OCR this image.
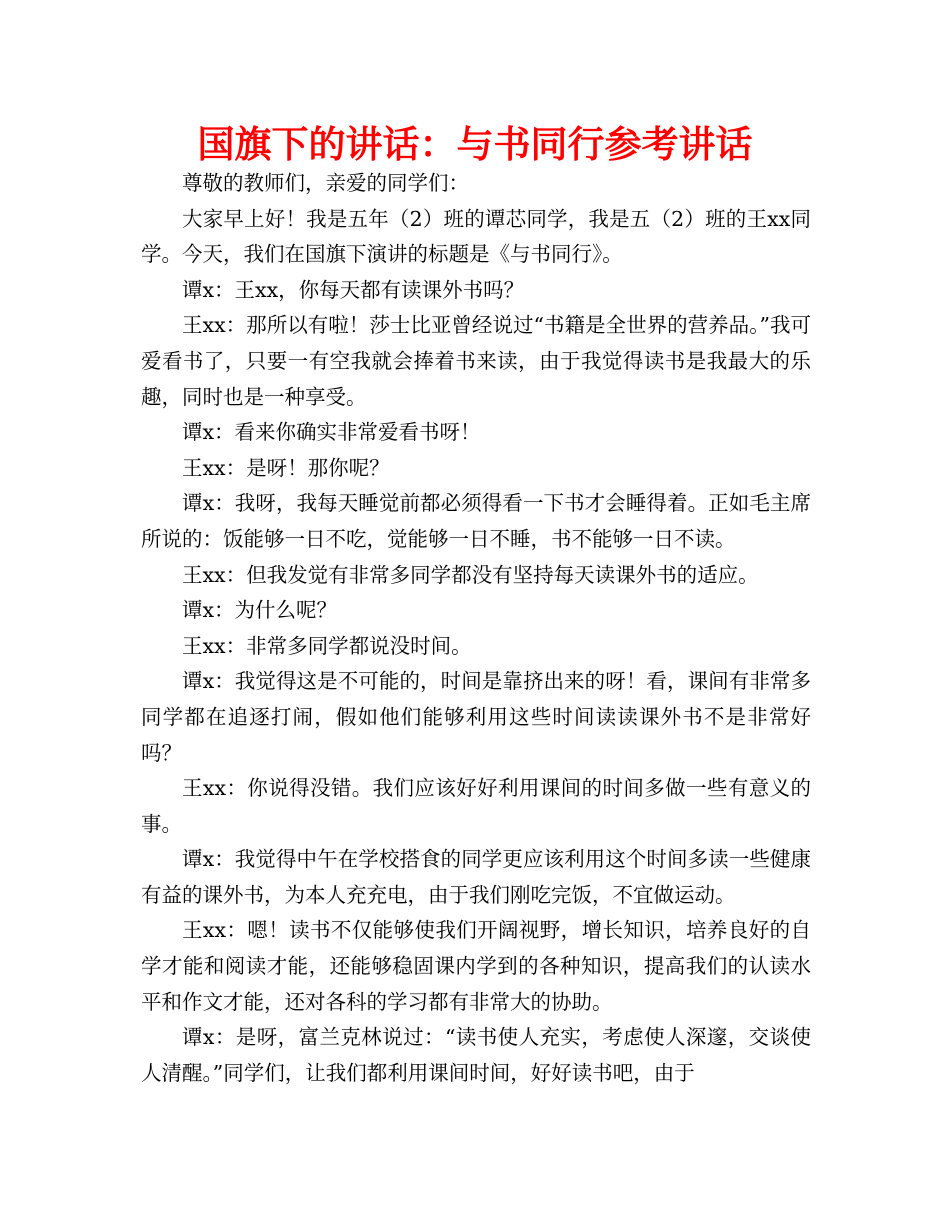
国旗下的讲话：与书同行参考讲话

尊敬的教师们，亲爱的同学们：

大家早上好！我是五年（2）班的谭芯同学，我是五（2）班的王xx同学。今天，我们在国旗下演讲的标题是《与书同行》。

谭x：王xx，你每天都有读课外书吗？

王xx：那所以有啦！莎士比亚曾经说过“书籍是全世界的营养品。”我可爱看书了，只要一有空我就会捧着书来读，由于我觉得读书是我最大的乐趣，同时也是一种享受。

谭x：看来你确实非常爱看书呀！

王xx：是呀！那你呢？

谭x：我呀，我每天睡觉前都必须得看一下书才会睡得着。正如毛主席所说的：饭能够一日不吃，觉能够一日不睡，书不能够一日不读。

王xx：但我发觉有非常多同学都没有坚持每天读课外书的适应。

谭x：为什么呢？

王xx：非常多同学都说没时间。

谭x：我觉得这是不可能的，时间是靠挤出来的呀！看，课间有非常多同学都在追逐打闹，假如他们能够利用这些时间读读课外书不是非常好吗？

王xx：你说得没错。我们应该好好利用课间的时间多做一些有意义的事。

谭x：我觉得中午在学校搭食的同学更应该利用这个时间多读一些健康有益的课外书，为本人充充电，由于我们刚吃完饭，不宜做运动。

王xx：嗯！读书不仅能够使我们开阔视野，增长知识，培养良好的自学才能和阅读才能，还能够稳固课内学到的各种知识，提高我们的认读水平和作文才能，还对各科的学习都有非常大的协助。

谭x：是呀，富兰克林说过：“读书使人充实，考虑使人深邃，交谈使人清醒。”同学们，让我们都利用课间时间，好好读书吧，由于
